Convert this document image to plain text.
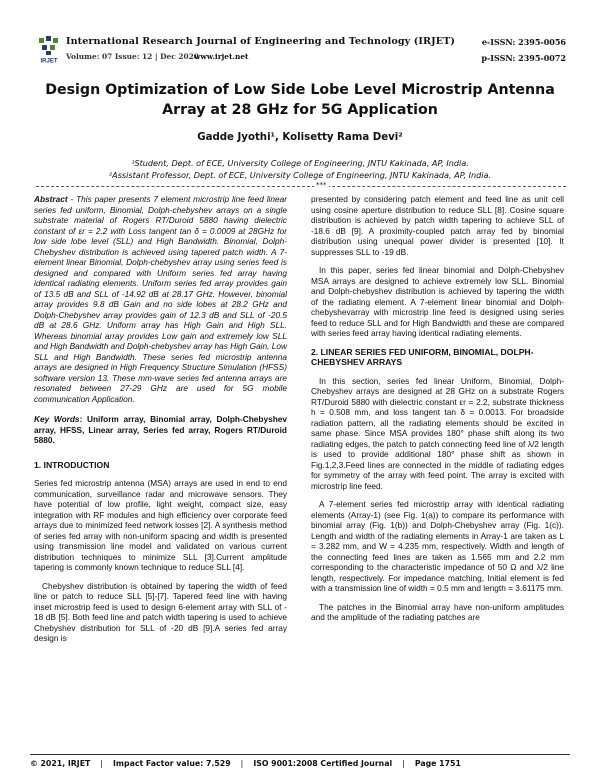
IRJET
International Research Journal of Engineering and Technology (IRJET)
Volume: 07 Issue: 12 | Dec 2020
www.irjet.net
e-ISSN: 2395-0056
p-ISSN: 2395-0072
Design Optimization of Low Side Lobe Level Microstrip Antenna Array at 28 GHz for 5G Application
Gadde Jyothi¹, Kolisetty Rama Devi²
¹Student, Dept. of ECE, University College of Engineering, JNTU Kakinada, AP, India.
²Assistant Professor, Dept. of ECE, University College of Engineering, JNTU Kakinada, AP, India.
***

Abstract - This paper presents 7 element microstrip line feed linear series fed uniform, Binomial, Dolph-chebyshev arrays on a single substrate material of Rogers RT/Duroid 5880 having dielectric constant of εr = 2.2 with Loss tangent tan δ = 0.0009 at 28GHz for low side lobe level (SLL) and High Bandwidth. Binomial, Dolph-Chebyshev distribution is achieved using tapered patch width. A 7-element linear Binomial, Dolph-chebyshev array using series feed is designed and compared with Uniform series fed array having identical radiating elements. Uniform series fed array provides gain of 13.5 dB and SLL of -14.92 dB at 28.17 GHz. However, binomial array provides 9.8 dB Gain and no side lobes at 28.2 GHz and Dolph-Chebyshev array provides gain of 12.3 dB and SLL of -20.5 dB at 28.6 GHz. Uniform array has High Gain and High SLL. Whereas binomial array provides Low gain and extremely low SLL and High Bandwidth and Dolph-chebyshev array has High Gain, Low SLL and High Bandwidth. These series fed microstrip antenna arrays are designed in High Frequency Structure Simulation (HFSS) software version 13. These mm-wave series fed antenna arrays are resonated between 27-29 GHz are used for 5G mobile communication Application.

Key Words: Uniform array, Binomial array, Dolph-Chebyshev array, HFSS, Linear array, Series fed array, Rogers RT/Duroid 5880.

1. INTRODUCTION

Series fed microstrip antenna (MSA) arrays are used in end to end communication, surveillance radar and microwave sensors. They have potential of low profile, light weight, compact size, easy integration with RF modules and high efficiency over corporate feed arrays due to minimized feed network losses [2]. A synthesis method of series fed array with non-uniform spacing and width is presented using transmission line model and validated on various current distribution techniques to minimize SLL [3].Current amplitude tapering is commonly known technique to reduce SLL [4].

Chebyshev distribution is obtained by tapering the width of feed line or patch to reduce SLL [5]-[7]. Tapered feed line with having inset microstrip feed is used to design 6-element array with SLL of - 18 dB [5]. Both feed line and patch width tapering is used to achieve Chebyshev distribution for SLL of -20 dB [9].A series fed array design is

presented by considering patch element and feed line as unit cell using cosine aperture distribution to reduce SLL [8]. Cosine square distribution is achieved by patch width tapering to achieve SLL of -18.6 dB [9]. A proximity-coupled patch array fed by binomial distribution using unequal power divider is presented [10]. It suppresses SLL to -19 dB.

In this paper, series fed linear binomial and Dolph-Chebyshev MSA arrays are designed to achieve extremely low SLL. Binomial and Dolph-chebyshev distribution is achieved by tapering the width of the radiating element. A 7-element linear binomial and Dolph-chebyshevarray with microstrip line feed is designed using series feed to reduce SLL and for High Bandwidth and these are compared with series feed array having identical radiating elements.

2. LINEAR SERIES FED UNIFORM, BINOMIAL, DOLPH-CHEBYSHEV ARRAYS

In this section, series fed linear Uniform, Binomial, Dolph-Chebyshev arrays are designed at 28 GHz on a substrate Rogers RT/Duroid 5880 with dielectric constant εr = 2.2, substrate thickness h = 0.508 mm, and loss tangent tan δ = 0.0013. For broadside radiation pattern, all the radiating elements should be excited in same phase. Since MSA provides 180° phase shift along its two radiating edges, the patch to patch connecting feed line of λ/2 length is used to provide additional 180° phase shift as shown in Fig.1,2,3.Feed lines are connected in the middle of radiating edges for symmetry of the array with feed point. The array is excited with microstrip line feed.

A 7-element series fed microstrip array with identical radiating elements (Array-1) (see Fig. 1(a)) to compare its performance with binomial array (Fig. 1(b)) and Dolph-Chebyshev array (Fig. 1(c)). Length and width of the radiating elements in Array-1 are taken as L = 3.282 mm, and W = 4.235 mm, respectively. Width and length of the connecting feed lines are taken as 1.565 mm and 2.2 mm corresponding to the characteristic impedance of 50 Ω and λ/2 line length, respectively. For impedance matching, Initial element is fed with a transmission line of width = 0.5 mm and length = 3.61175 mm.

The patches in the Binomial array have non-uniform amplitudes and the amplitude of the radiating patches are

© 2021, IRJET | Impact Factor value: 7.529 | ISO 9001:2008 Certified Journal | Page 1751
